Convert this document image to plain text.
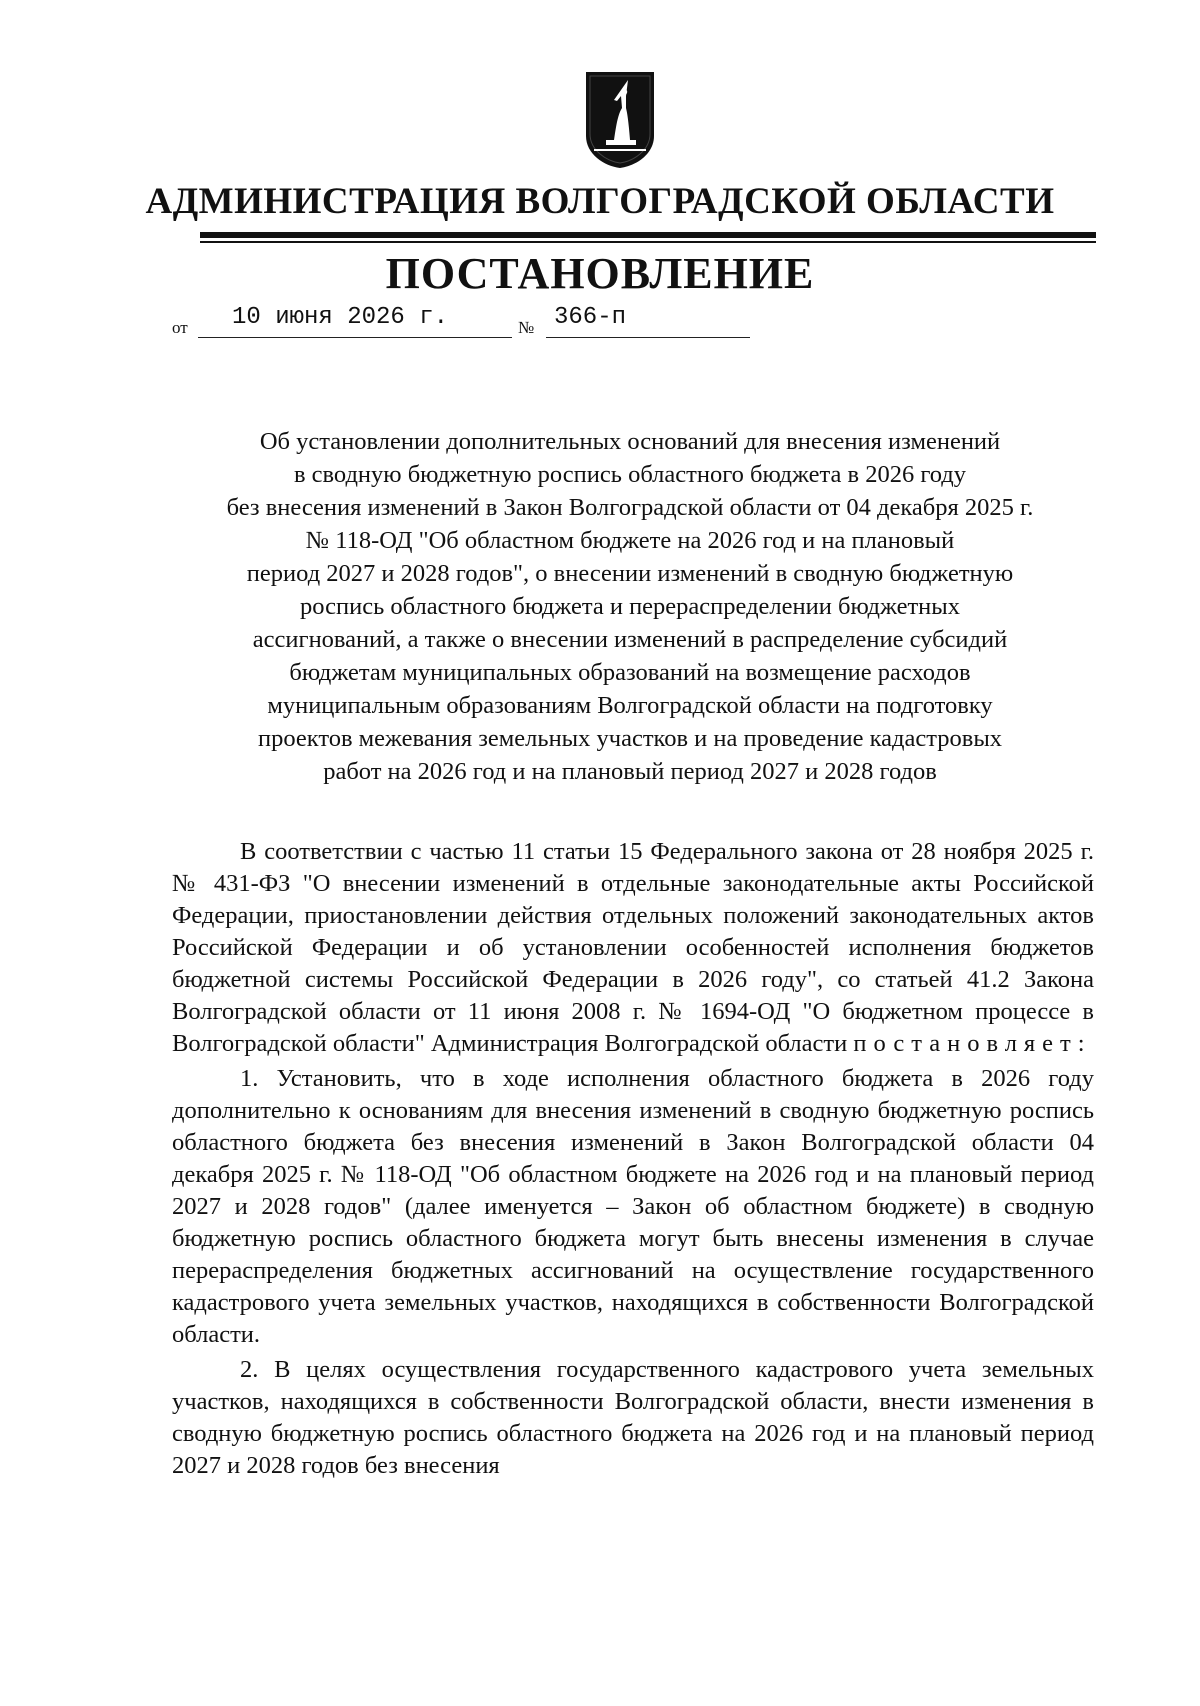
АДМИНИСТРАЦИЯ ВОЛГОГРАДСКОЙ ОБЛАСТИ
ПОСТАНОВЛЕНИЕ
от	10 июня 2026 г.	№ 366-п
Об установлении дополнительных оснований для внесения изменений
в сводную бюджетную роспись областного бюджета в 2026 году
без внесения изменений в Закон Волгоградской области от 04 декабря 2025 г.
№ 118-ОД "Об областном бюджете на 2026 год и на плановый
период 2027 и 2028 годов", о внесении изменений в сводную бюджетную
роспись областного бюджета и перераспределении бюджетных
ассигнований, а также о внесении изменений в распределение субсидий
бюджетам муниципальных образований на возмещение расходов
муниципальным образованиям Волгоградской области на подготовку
проектов межевания земельных участков и на проведение кадастровых
работ на 2026 год и на плановый период 2027 и 2028 годов

В соответствии с частью 11 статьи 15 Федерального закона от 28 ноября 2025 г. № 431-ФЗ "О внесении изменений в отдельные законодательные акты Российской Федерации, приостановлении действия отдельных положений законодательных актов Российской Федерации и об установлении особенностей исполнения бюджетов бюджетной системы Российской Федерации в 2026 году", со статьей 41.2 Закона Волгоградской области от 11 июня 2008 г. № 1694-ОД "О бюджетном процессе в Волгоградской области" Администрация Волгоградской области постановляет:

1. Установить, что в ходе исполнения областного бюджета в 2026 году дополнительно к основаниям для внесения изменений в сводную бюджетную роспись областного бюджета без внесения изменений в Закон Волгоградской области 04 декабря 2025 г. № 118-ОД "Об областном бюджете на 2026 год и на плановый период 2027 и 2028 годов" (далее именуется – Закон об областном бюджете) в сводную бюджетную роспись областного бюджета могут быть внесены изменения в случае перераспределения бюджетных ассигнований на осуществление государственного кадастрового учета земельных участков, находящихся в собственности Волгоградской области.

2. В целях осуществления государственного кадастрового учета земельных участков, находящихся в собственности Волгоградской области, внести изменения в сводную бюджетную роспись областного бюджета на 2026 год и на плановый период 2027 и 2028 годов без внесения
